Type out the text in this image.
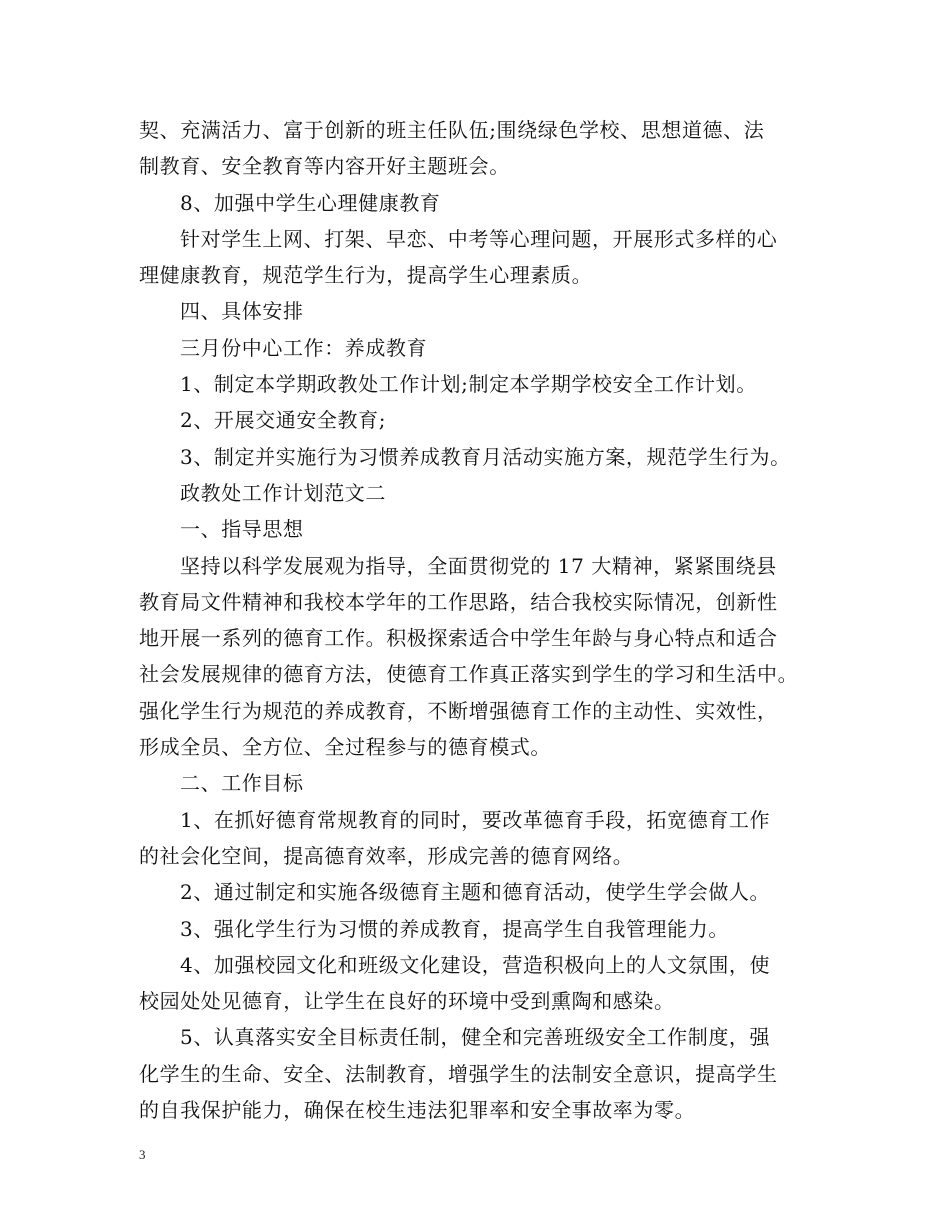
契、充满活力、富于创新的班主任队伍;围绕绿色学校、思想道德、法
制教育、安全教育等内容开好主题班会。
8、加强中学生心理健康教育
针对学生上网、打架、早恋、中考等心理问题，开展形式多样的心
理健康教育，规范学生行为，提高学生心理素质。
四、具体安排
三月份中心工作：养成教育
1、制定本学期政教处工作计划;制定本学期学校安全工作计划。
2、开展交通安全教育;
3、制定并实施行为习惯养成教育月活动实施方案，规范学生行为。
政教处工作计划范文二
一、指导思想
坚持以科学发展观为指导，全面贯彻党的 17 大精神，紧紧围绕县
教育局文件精神和我校本学年的工作思路，结合我校实际情况，创新性
地开展一系列的德育工作。积极探索适合中学生年龄与身心特点和适合
社会发展规律的德育方法，使德育工作真正落实到学生的学习和生活中。
强化学生行为规范的养成教育，不断增强德育工作的主动性、实效性，
形成全员、全方位、全过程参与的德育模式。
二、工作目标
1、在抓好德育常规教育的同时，要改革德育手段，拓宽德育工作
的社会化空间，提高德育效率，形成完善的德育网络。
2、通过制定和实施各级德育主题和德育活动，使学生学会做人。
3、强化学生行为习惯的养成教育，提高学生自我管理能力。
4、加强校园文化和班级文化建设，营造积极向上的人文氛围，使
校园处处见德育，让学生在良好的环境中受到熏陶和感染。
5、认真落实安全目标责任制，健全和完善班级安全工作制度，强
化学生的生命、安全、法制教育，增强学生的法制安全意识，提高学生
的自我保护能力，确保在校生违法犯罪率和安全事故率为零。
3
